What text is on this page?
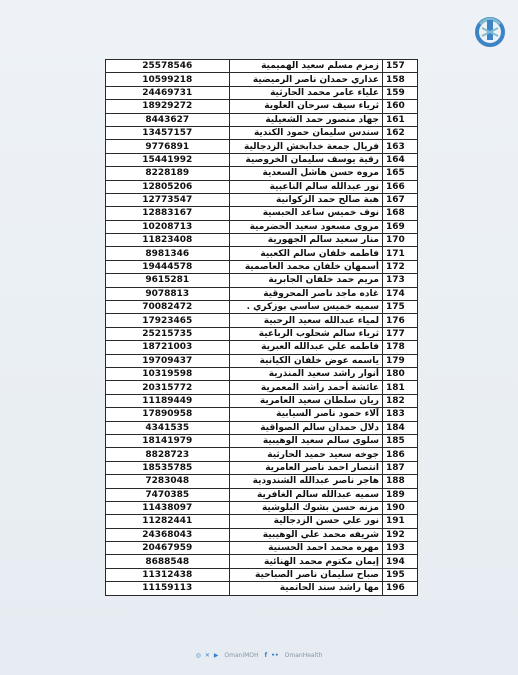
25578546	زمزم مسلم سعيد الهميمية	157
10599218	عذاري حمدان ناصر الرميضية	158
24469731	علياء عامر محمد الحارثية	159
18929272	ثرياء سيف سرحان العلوية	160
8443627	جهاد منصور حمد الشعيلية	161
13457157	سندس سليمان حمود الكندية	162
9776891	فريال جمعة خدابخش الزدجالية	163
15441992	رقية يوسف سليمان الخروصية	164
8228189	مروه حسن هاشل السعدية	165
12805206	نور عبدالله سالم الناعبية	166
12773547	هبة صالح حمد الزكوانية	167
12883167	نوف خميس ساعد الحبسية	168
10208713	مروى مسعود سعيد الحضرمية	169
11823408	منار سعيد سالم الجهورية	170
8981346	فاطمه خلفان سالم الكعبية	171
19444578	أسمهان خلفان محمد العاصمية	172
9615281	مريم حمد خلفان الجابرية	173
9078813	غاده ماجد ناصر المحروقية	174
70082472	سميه خميس ساسي بوزكري .	175
17923465	لمياء عبدالله سعيد الرحبية	176
25215735	ثرياء سالم شحلوب الرباعية	177
18721003	فاطمه علي عبدالله العبرية	178
19709437	ياسمه عوض خلفان الكيانية	179
10319598	أنوار راشد سعيد المنذرية	180
20315772	عائشة أحمد راشد المعمرية	181
11189449	ريان سلطان سعيد العامرية	182
17890958	آلاء حمود ناصر السيابية	183
4341535	دلال حمدان سالم الصواقية	184
18141979	سلوى سالم سعيد الوهيبية	185
8828723	جوخه سعيد حميد الحارثية	186
18535785	انتصار احمد ناصر العامرية	187
7283048	هاجر ناصر عبدالله الشندودية	188
7470385	سميه عبدالله سالم الغافرية	189
11438097	مزنه حسن بشوك البلوشية	190
11282441	نور علي حسن الزدجالية	191
24368043	شريفه محمد علي الوهيبية	192
20467959	مهره محمد احمد الحسنية	193
8688548	إيمان مكتوم محمد الهنائية	194
11312438	صباح سليمان ناصر الصباحية	195
11159113	مها راشد سند الحاتمية	196
◎ ✕ ▶ OmaniMOH f •• OmanHealth
